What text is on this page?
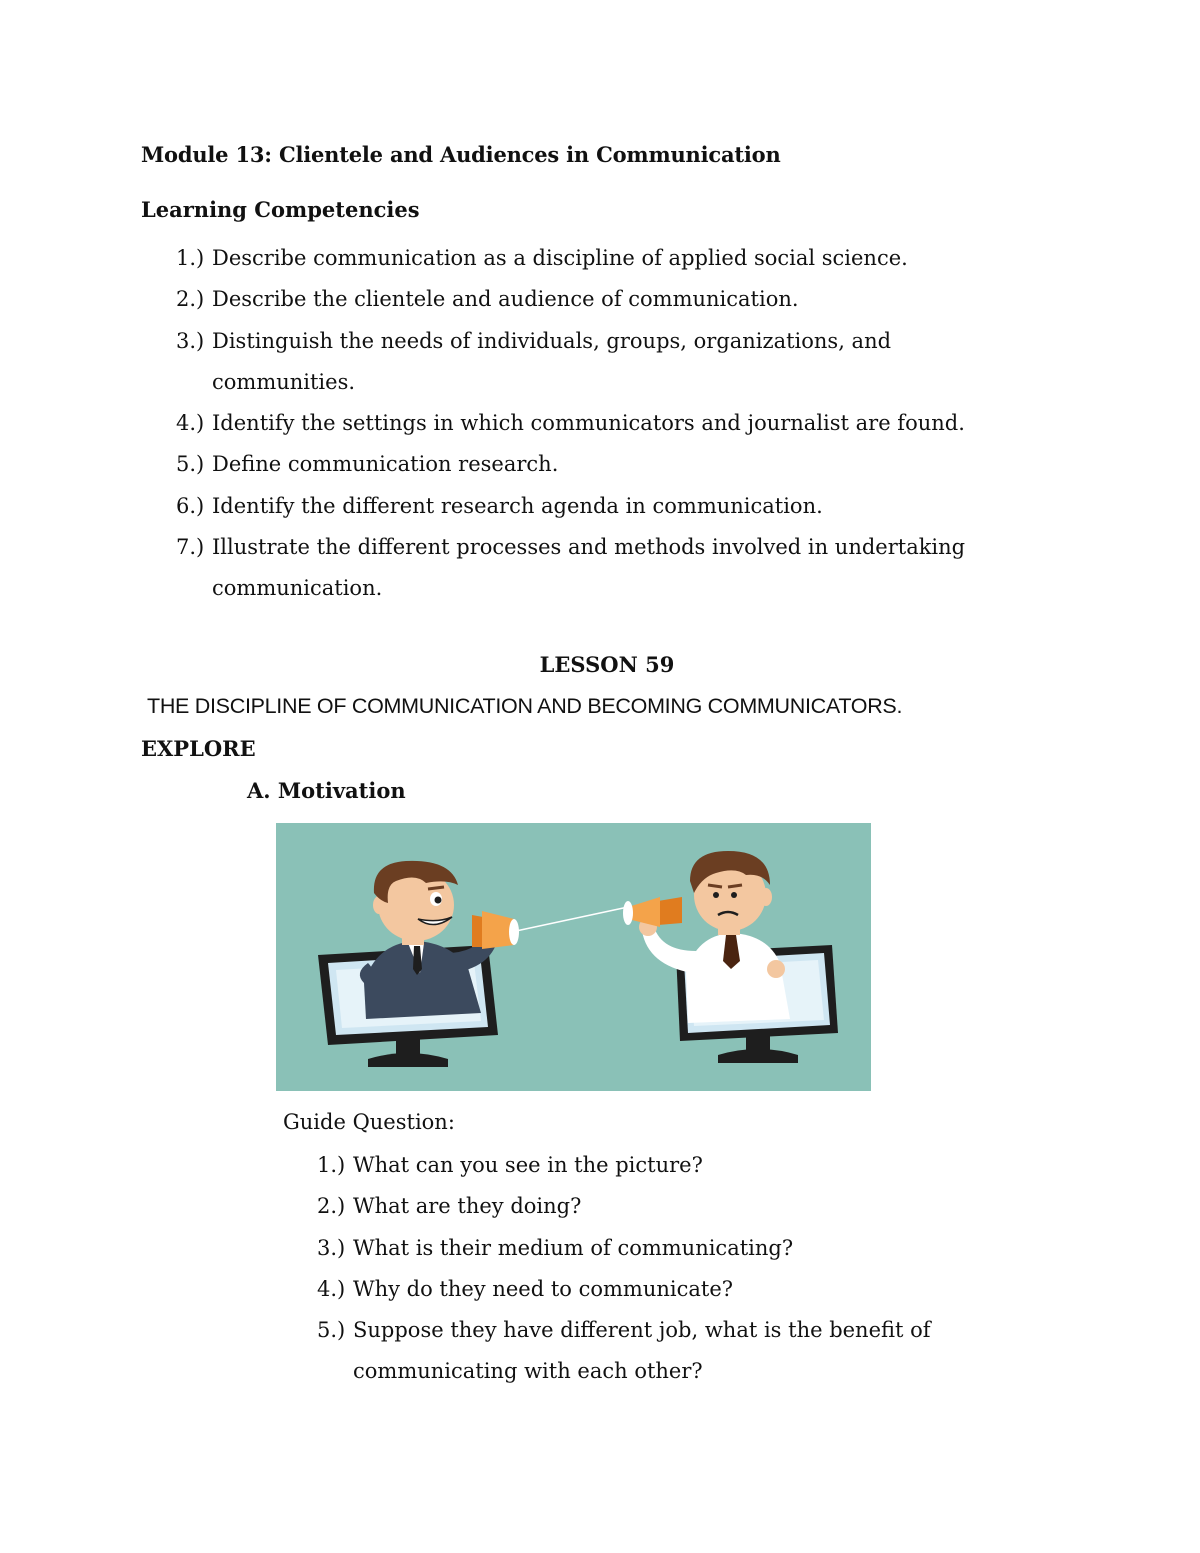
Module 13: Clientele and Audiences in Communication
Learning Competencies
1.) Describe communication as a discipline of applied social science.
2.) Describe the clientele and audience of communication.
3.) Distinguish the needs of individuals, groups, organizations, and
communities.
4.) Identify the settings in which communicators and journalist are found.
5.) Define communication research.
6.) Identify the different research agenda in communication.
7.) Illustrate the different processes and methods involved in undertaking
communication.
LESSON 59
THE DISCIPLINE OF COMMUNICATION AND BECOMING COMMUNICATORS.
EXPLORE
A. Motivation
Guide Question:
1.) What can you see in the picture?
2.) What are they doing?
3.) What is their medium of communicating?
4.) Why do they need to communicate?
5.) Suppose they have different job, what is the benefit of
communicating with each other?
